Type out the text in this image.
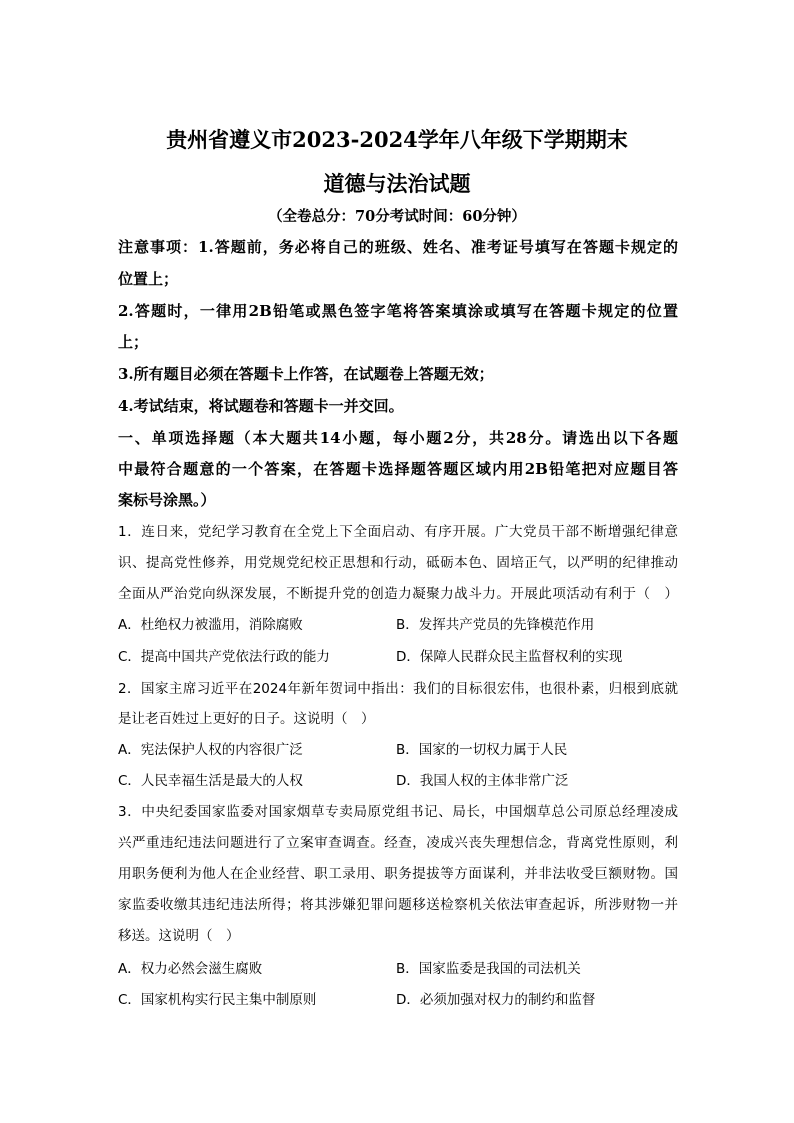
贵州省遵义市2023-2024学年八年级下学期期末
道德与法治试题
（全卷总分：70分考试时间：60分钟）
注意事项：1.答题前，务必将自己的班级、姓名、准考证号填写在答题卡规定的
位置上；
2.答题时，一律用2B铅笔或黑色签字笔将答案填涂或填写在答题卡规定的位置
上；
3.所有题目必须在答题卡上作答，在试题卷上答题无效；
4.考试结束，将试题卷和答题卡一并交回。
一、单项选择题（本大题共14小题，每小题2分，共28分。请选出以下各题
中最符合题意的一个答案，在答题卡选择题答题区域内用2B铅笔把对应题目答
案标号涂黑。）
1．连日来，党纪学习教育在全党上下全面启动、有序开展。广大党员干部不断增强纪律意
识、提高党性修养，用党规党纪校正思想和行动，砥砺本色、固培正气，以严明的纪律推动
全面从严治党向纵深发展，不断提升党的创造力凝聚力战斗力。开展此项活动有利于（　）
A．杜绝权力被滥用，消除腐败	B．发挥共产党员的先锋模范作用
C．提高中国共产党依法行政的能力	D．保障人民群众民主监督权利的实现
2．国家主席习近平在2024年新年贺词中指出：我们的目标很宏伟，也很朴素，归根到底就
是让老百姓过上更好的日子。这说明（　）
A．宪法保护人权的内容很广泛	B．国家的一切权力属于人民
C．人民幸福生活是最大的人权	D．我国人权的主体非常广泛
3．中央纪委国家监委对国家烟草专卖局原党组书记、局长，中国烟草总公司原总经理凌成
兴严重违纪违法问题进行了立案审查调查。经查，凌成兴丧失理想信念，背离党性原则，利
用职务便利为他人在企业经营、职工录用、职务提拔等方面谋利，并非法收受巨额财物。国
家监委收缴其违纪违法所得；将其涉嫌犯罪问题移送检察机关依法审查起诉，所涉财物一并
移送。这说明（　）
A．权力必然会滋生腐败	B．国家监委是我国的司法机关
C．国家机构实行民主集中制原则	D．必须加强对权力的制约和监督
